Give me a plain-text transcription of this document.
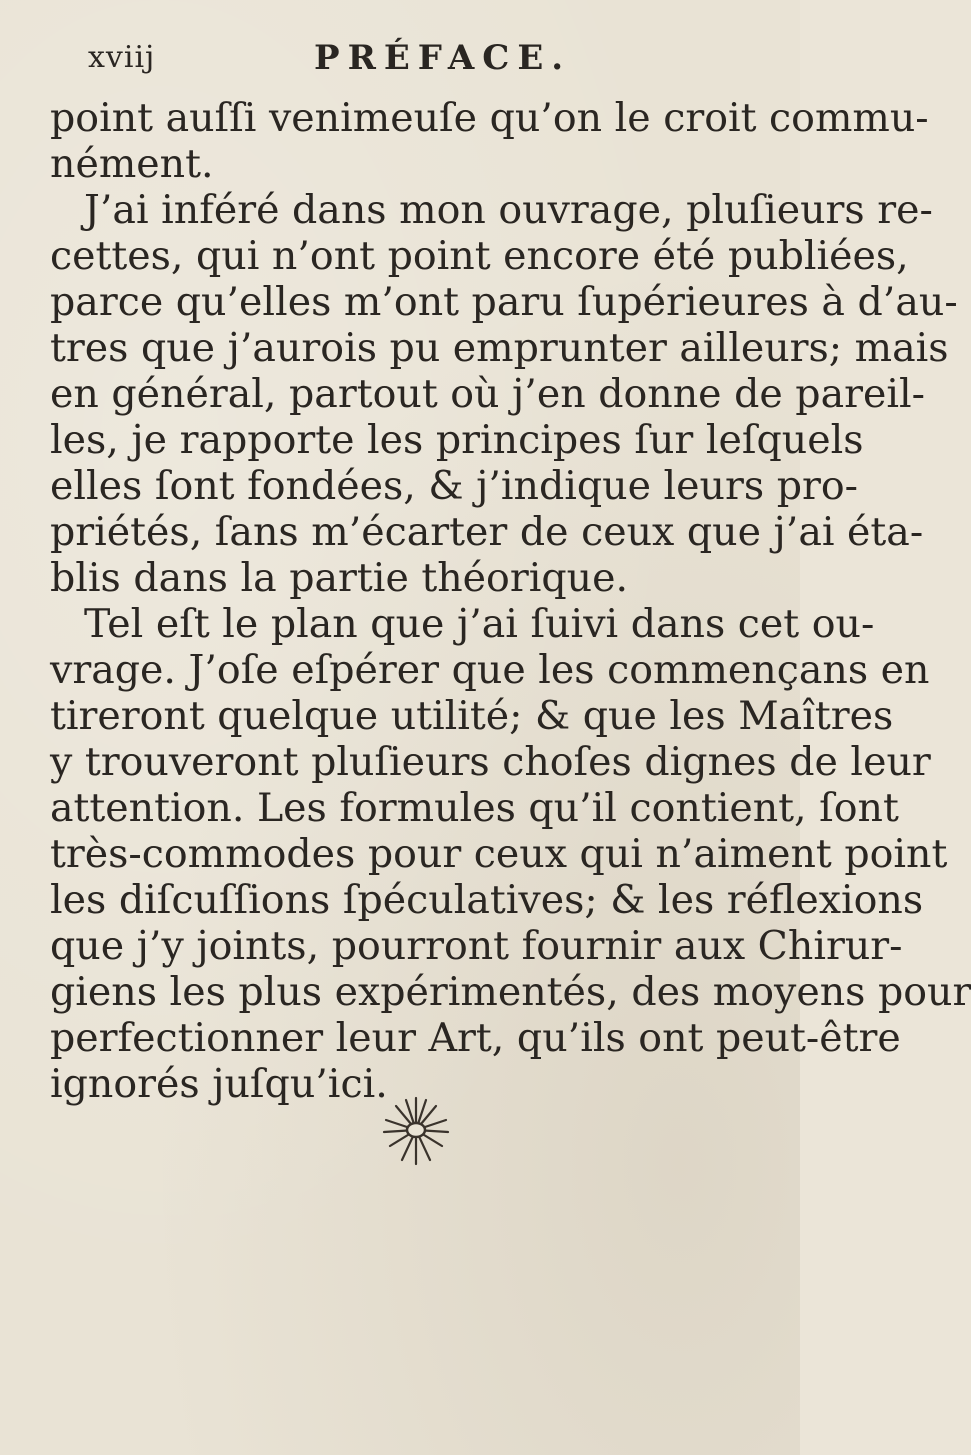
xviij	PRÉFACE.
point auſſi venimeuſe qu’on le croit commu-
nément.
J’ai inféré dans mon ouvrage, pluſieurs re-
cettes, qui n’ont point encore été publiées,
parce qu’elles m’ont paru ſupérieures à d’au-
tres que j’aurois pu emprunter ailleurs; mais
en général, partout où j’en donne de pareil-
les, je rapporte les principes ſur leſquels
elles ſont fondées, & j’indique leurs pro-
priétés, ſans m’écarter de ceux que j’ai éta-
blis dans la partie théorique.
Tel eſt le plan que j’ai ſuivi dans cet ou-
vrage. J’oſe eſpérer que les commençans en
tireront quelque utilité; & que les Maîtres
y trouveront pluſieurs choſes dignes de leur
attention. Les formules qu’il contient, ſont
très-commodes pour ceux qui n’aiment point
les diſcuſſions ſpéculatives; & les réflexions
que j’y joints, pourront fournir aux Chirur-
giens les plus expérimentés, des moyens pour
perfectionner leur Art, qu’ils ont peut-être
ignorés juſqu’ici.
